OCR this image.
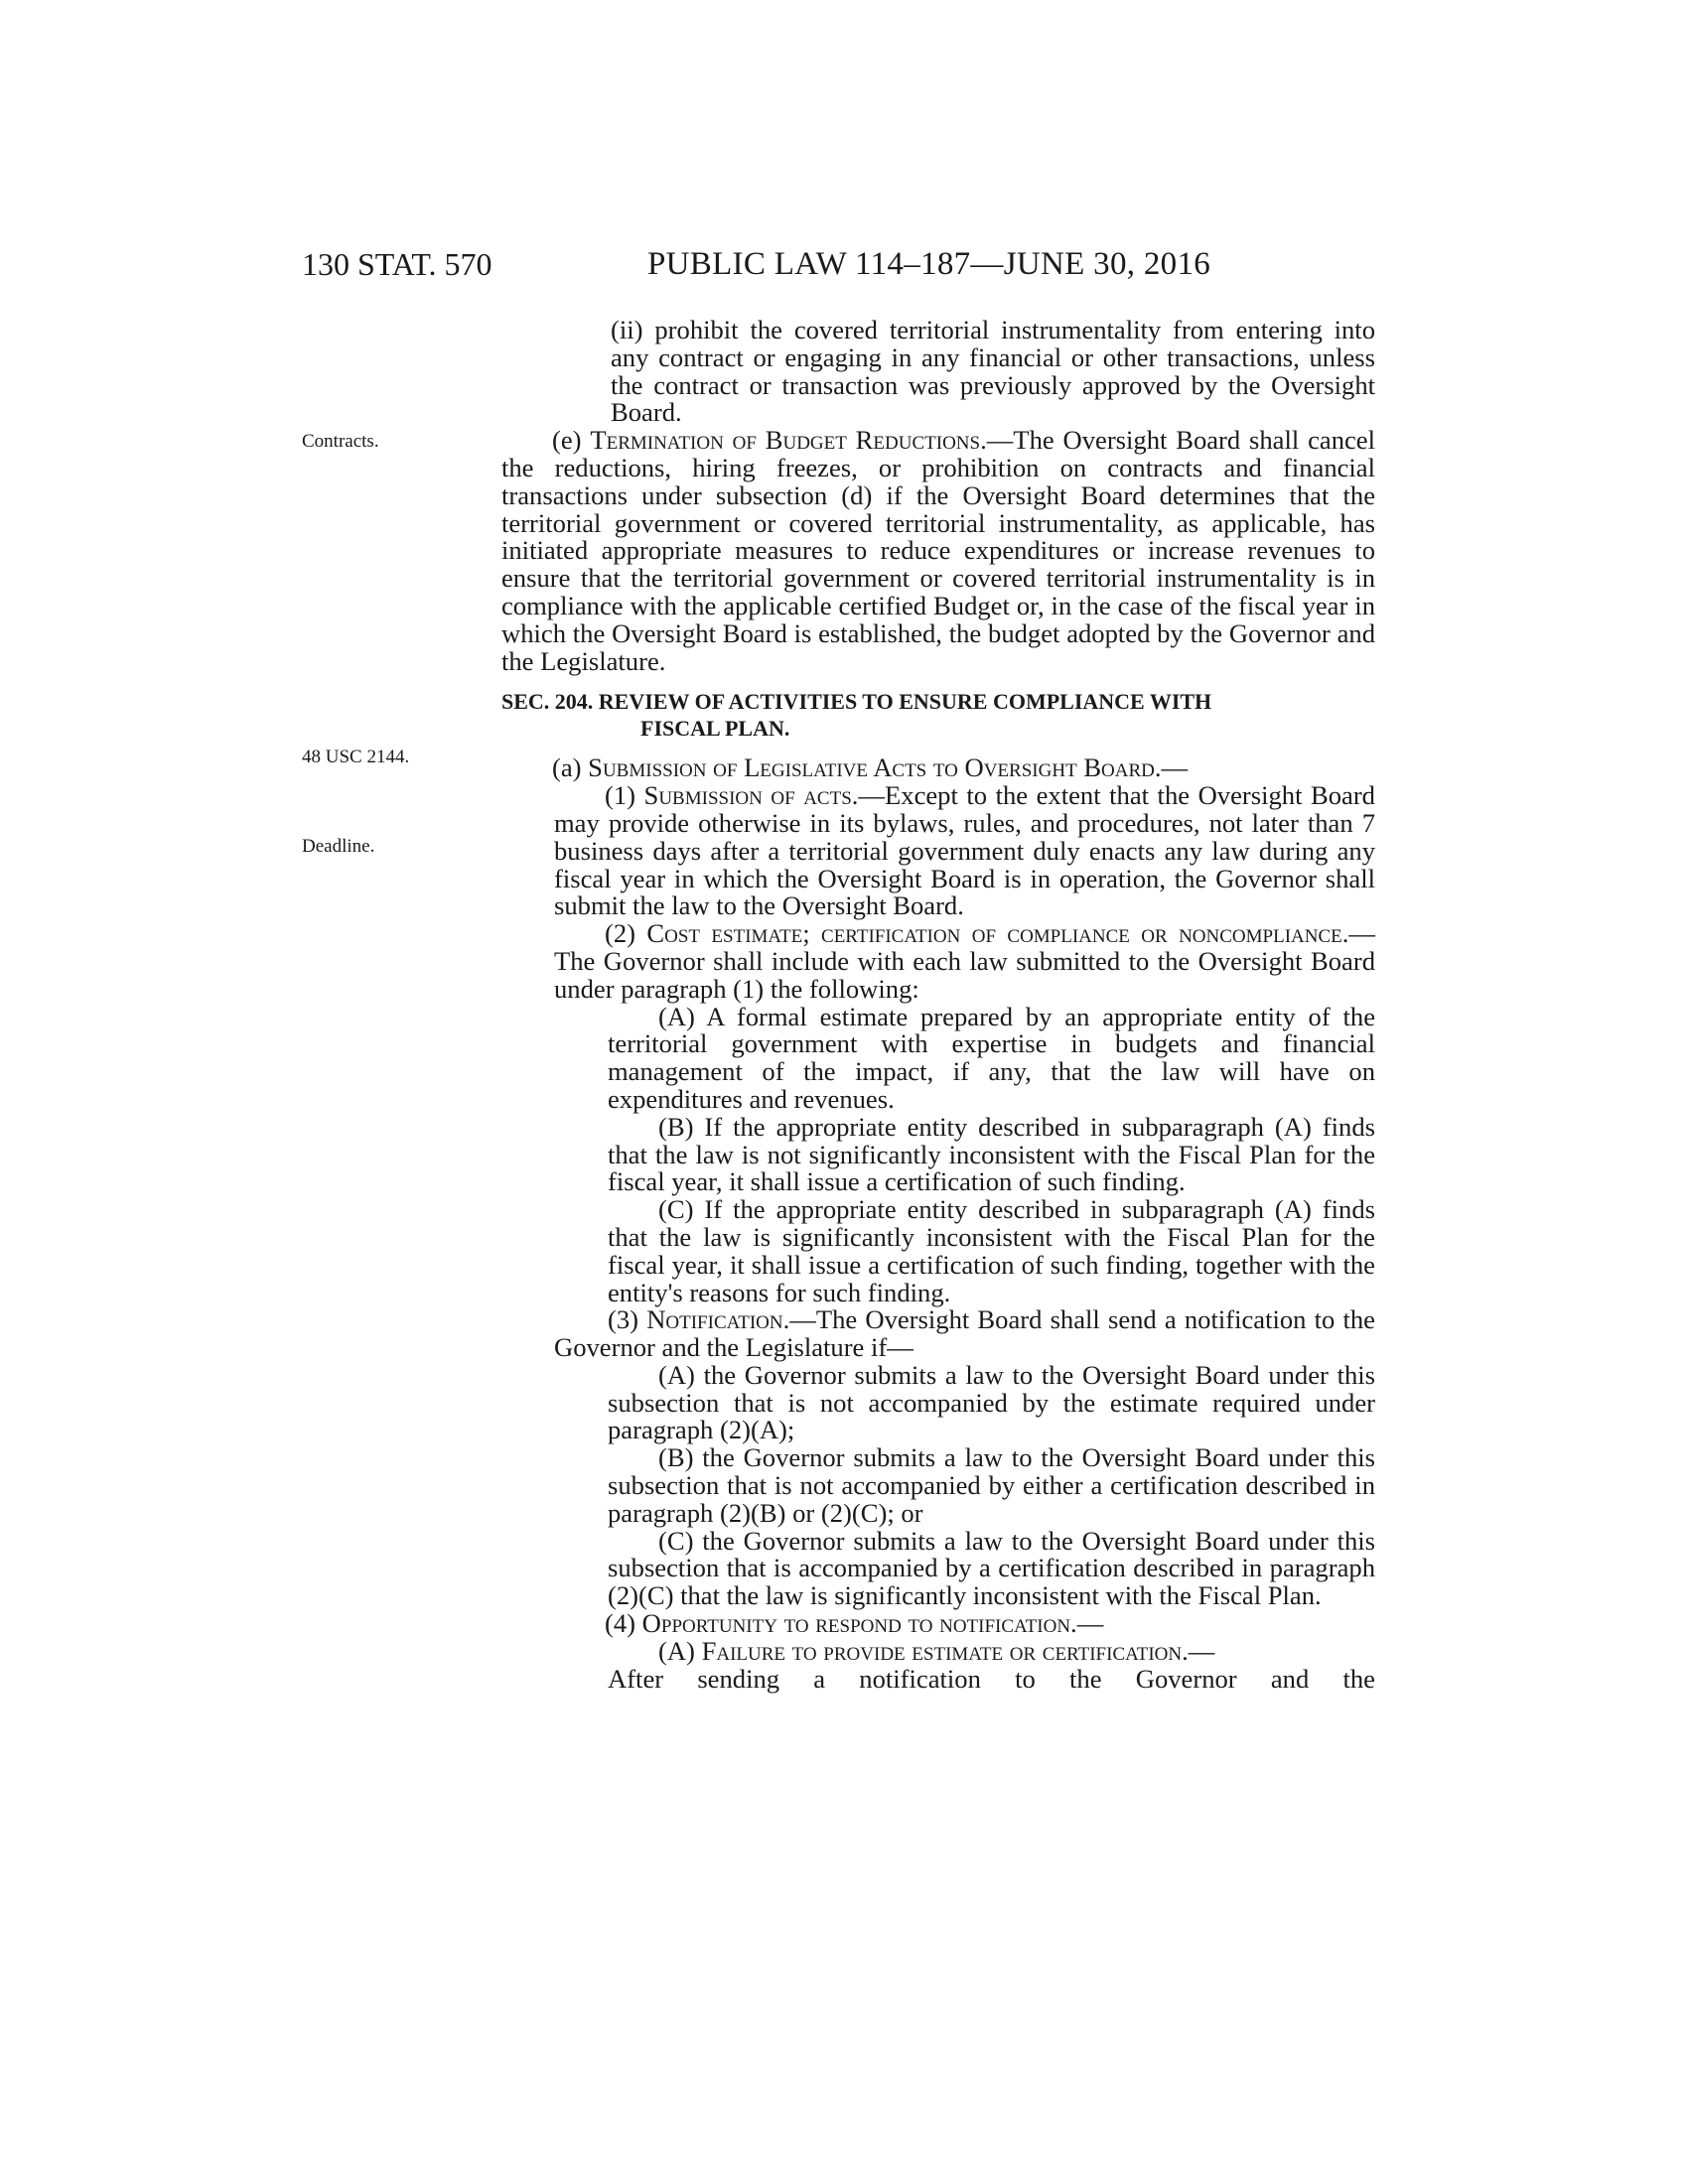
130 STAT. 570	PUBLIC LAW 114–187—JUNE 30, 2016
Contracts.
48 USC 2144.
Deadline.

(ii) prohibit the covered territorial instrumentality from entering into any contract or engaging in any financial or other transactions, unless the contract or transaction was previously approved by the Oversight Board.

(e) Termination of Budget Reductions.—The Oversight Board shall cancel the reductions, hiring freezes, or prohibition on contracts and financial transactions under subsection (d) if the Oversight Board determines that the territorial government or covered territorial instrumentality, as applicable, has initiated appropriate measures to reduce expenditures or increase revenues to ensure that the territorial government or covered territorial instrumentality is in compliance with the applicable certified Budget or, in the case of the fiscal year in which the Oversight Board is established, the budget adopted by the Governor and the Legislature.

SEC. 204. REVIEW OF ACTIVITIES TO ENSURE COMPLIANCE WITH
FISCAL PLAN.

(a) Submission of Legislative Acts to Oversight Board.—

(1) Submission of acts.—Except to the extent that the Oversight Board may provide otherwise in its bylaws, rules, and procedures, not later than 7 business days after a territorial government duly enacts any law during any fiscal year in which the Oversight Board is in operation, the Governor shall submit the law to the Oversight Board.

(2) Cost estimate; certification of compliance or noncompliance.—The Governor shall include with each law submitted to the Oversight Board under paragraph (1) the following:

(A) A formal estimate prepared by an appropriate entity of the territorial government with expertise in budgets and financial management of the impact, if any, that the law will have on expenditures and revenues.

(B) If the appropriate entity described in subparagraph (A) finds that the law is not significantly inconsistent with the Fiscal Plan for the fiscal year, it shall issue a certification of such finding.

(C) If the appropriate entity described in subparagraph (A) finds that the law is significantly inconsistent with the Fiscal Plan for the fiscal year, it shall issue a certification of such finding, together with the entity's reasons for such finding.

(3) Notification.—The Oversight Board shall send a notification to the Governor and the Legislature if—

(A) the Governor submits a law to the Oversight Board under this subsection that is not accompanied by the estimate required under paragraph (2)(A);

(B) the Governor submits a law to the Oversight Board under this subsection that is not accompanied by either a certification described in paragraph (2)(B) or (2)(C); or

(C) the Governor submits a law to the Oversight Board under this subsection that is accompanied by a certification described in paragraph (2)(C) that the law is significantly inconsistent with the Fiscal Plan.

(4) Opportunity to respond to notification.—

(A) Failure to provide estimate or certification.—

After sending a notification to the Governor and the
